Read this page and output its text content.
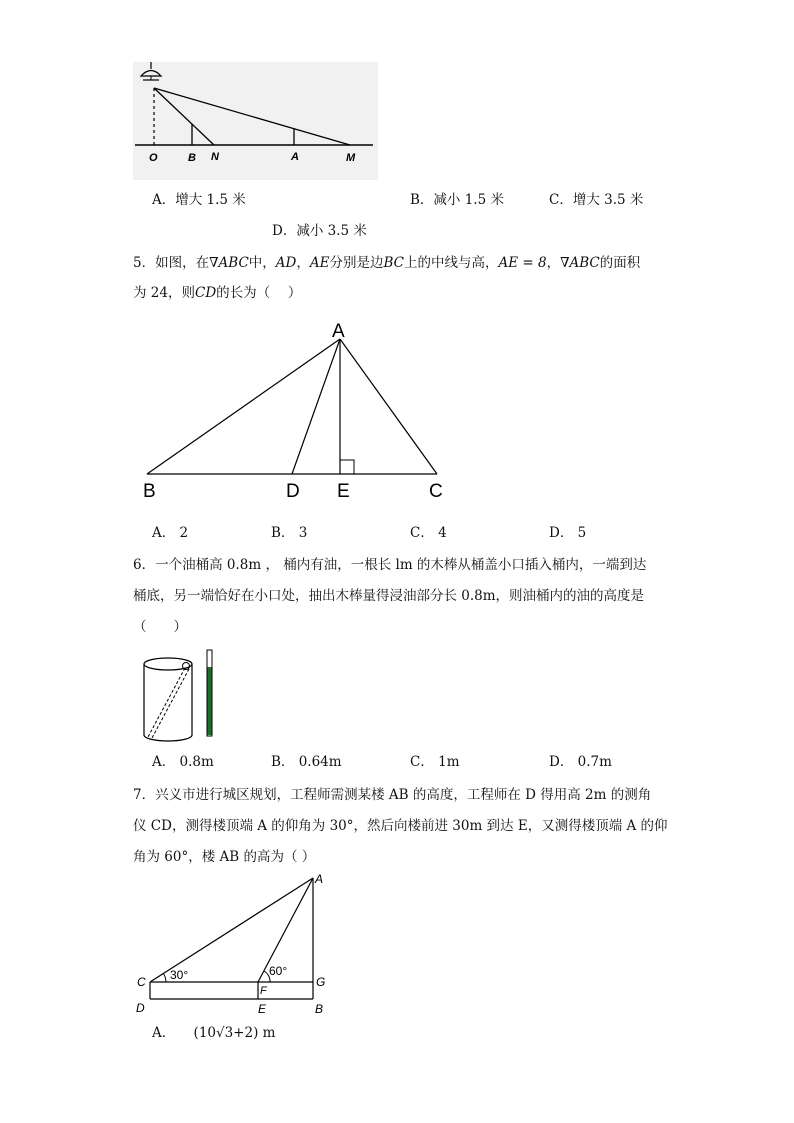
O	B N	A	M
A．增大 1.5 米	B．减小 1.5 米	C．增大 3.5 米
D．减小 3.5 米
5．如图，在∇ABC中，AD，AE分别是边BC上的中线与高，AE = 8，∇ABC的面积
为 24，则CD的长为（　 ）
A
B	D E	C
A． 2	B． 3	C． 4	D． 5
6．一个油桶高 0.8m ， 桶内有油，一根长 lm 的木棒从桶盖小口插入桶内，一端到达
桶底，另一端恰好在小口处，抽出木棒量得浸油部分长 0.8m，则油桶内的油的高度是
（　　）
A． 0.8m	B． 0.64m	C． 1m	D． 0.7m
7．兴义市进行城区规划，工程师需测某楼 AB 的高度，工程师在 D 得用高 2m 的测角
仪 CD，测得楼顶端 A 的仰角为 30°，然后向楼前进 30m 到达 E，又测得楼顶端 A 的仰
角为 60°，楼 AB 的高为（ ）
A
C	G
F
D	E	B
30°	60°
A． (10√3+2) m
